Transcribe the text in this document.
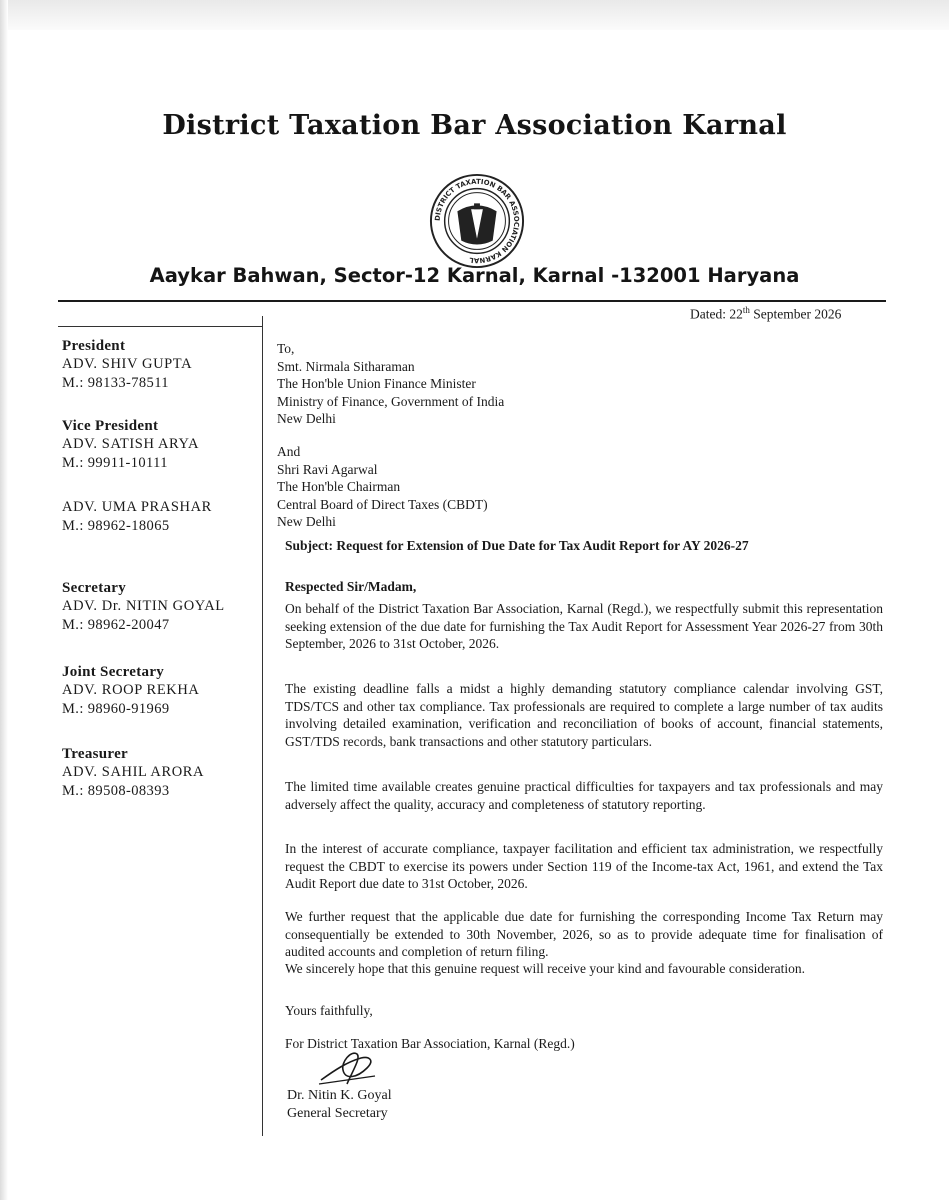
District Taxation Bar Association Karnal
DISTRICT TAXATION BAR ASSOCIATION KARNAL
Aaykar Bahwan, Sector-12 Karnal, Karnal -132001 Haryana
Dated: 22th September 2026
President
ADV. SHIV GUPTA
M.: 98133-78511
Vice President
ADV. SATISH ARYA
M.: 99911-10111
ADV. UMA PRASHAR
M.: 98962-18065
Secretary
ADV. Dr. NITIN GOYAL
M.: 98962-20047
Joint Secretary
ADV. ROOP REKHA
M.: 98960-91969
Treasurer
ADV. SAHIL ARORA
M.: 89508-08393
To,
Smt. Nirmala Sitharaman
The Hon'ble Union Finance Minister
Ministry of Finance, Government of India
New Delhi
And
Shri Ravi Agarwal
The Hon'ble Chairman
Central Board of Direct Taxes (CBDT)
New Delhi
Subject: Request for Extension of Due Date for Tax Audit Report for AY 2026-27
Respected Sir/Madam,
On behalf of the District Taxation Bar Association, Karnal (Regd.), we respectfully submit this representation seeking extension of the due date for furnishing the Tax Audit Report for Assessment Year 2026-27 from 30th September, 2026 to 31st October, 2026.
The existing deadline falls a midst a highly demanding statutory compliance calendar involving GST, TDS/TCS and other tax compliance. Tax professionals are required to complete a large number of tax audits involving detailed examination, verification and reconciliation of books of account, financial statements, GST/TDS records, bank transactions and other statutory particulars.
The limited time available creates genuine practical difficulties for taxpayers and tax professionals and may adversely affect the quality, accuracy and completeness of statutory reporting.
In the interest of accurate compliance, taxpayer facilitation and efficient tax administration, we respectfully request the CBDT to exercise its powers under Section 119 of the Income-tax Act, 1961, and extend the Tax Audit Report due date to 31st October, 2026.
We further request that the applicable due date for furnishing the corresponding Income Tax Return may consequentially be extended to 30th November, 2026, so as to provide adequate time for finalisation of audited accounts and completion of return filing.
We sincerely hope that this genuine request will receive your kind and favourable consideration.
Yours faithfully,
For District Taxation Bar Association, Karnal (Regd.)
Dr. Nitin K. Goyal
General Secretary
